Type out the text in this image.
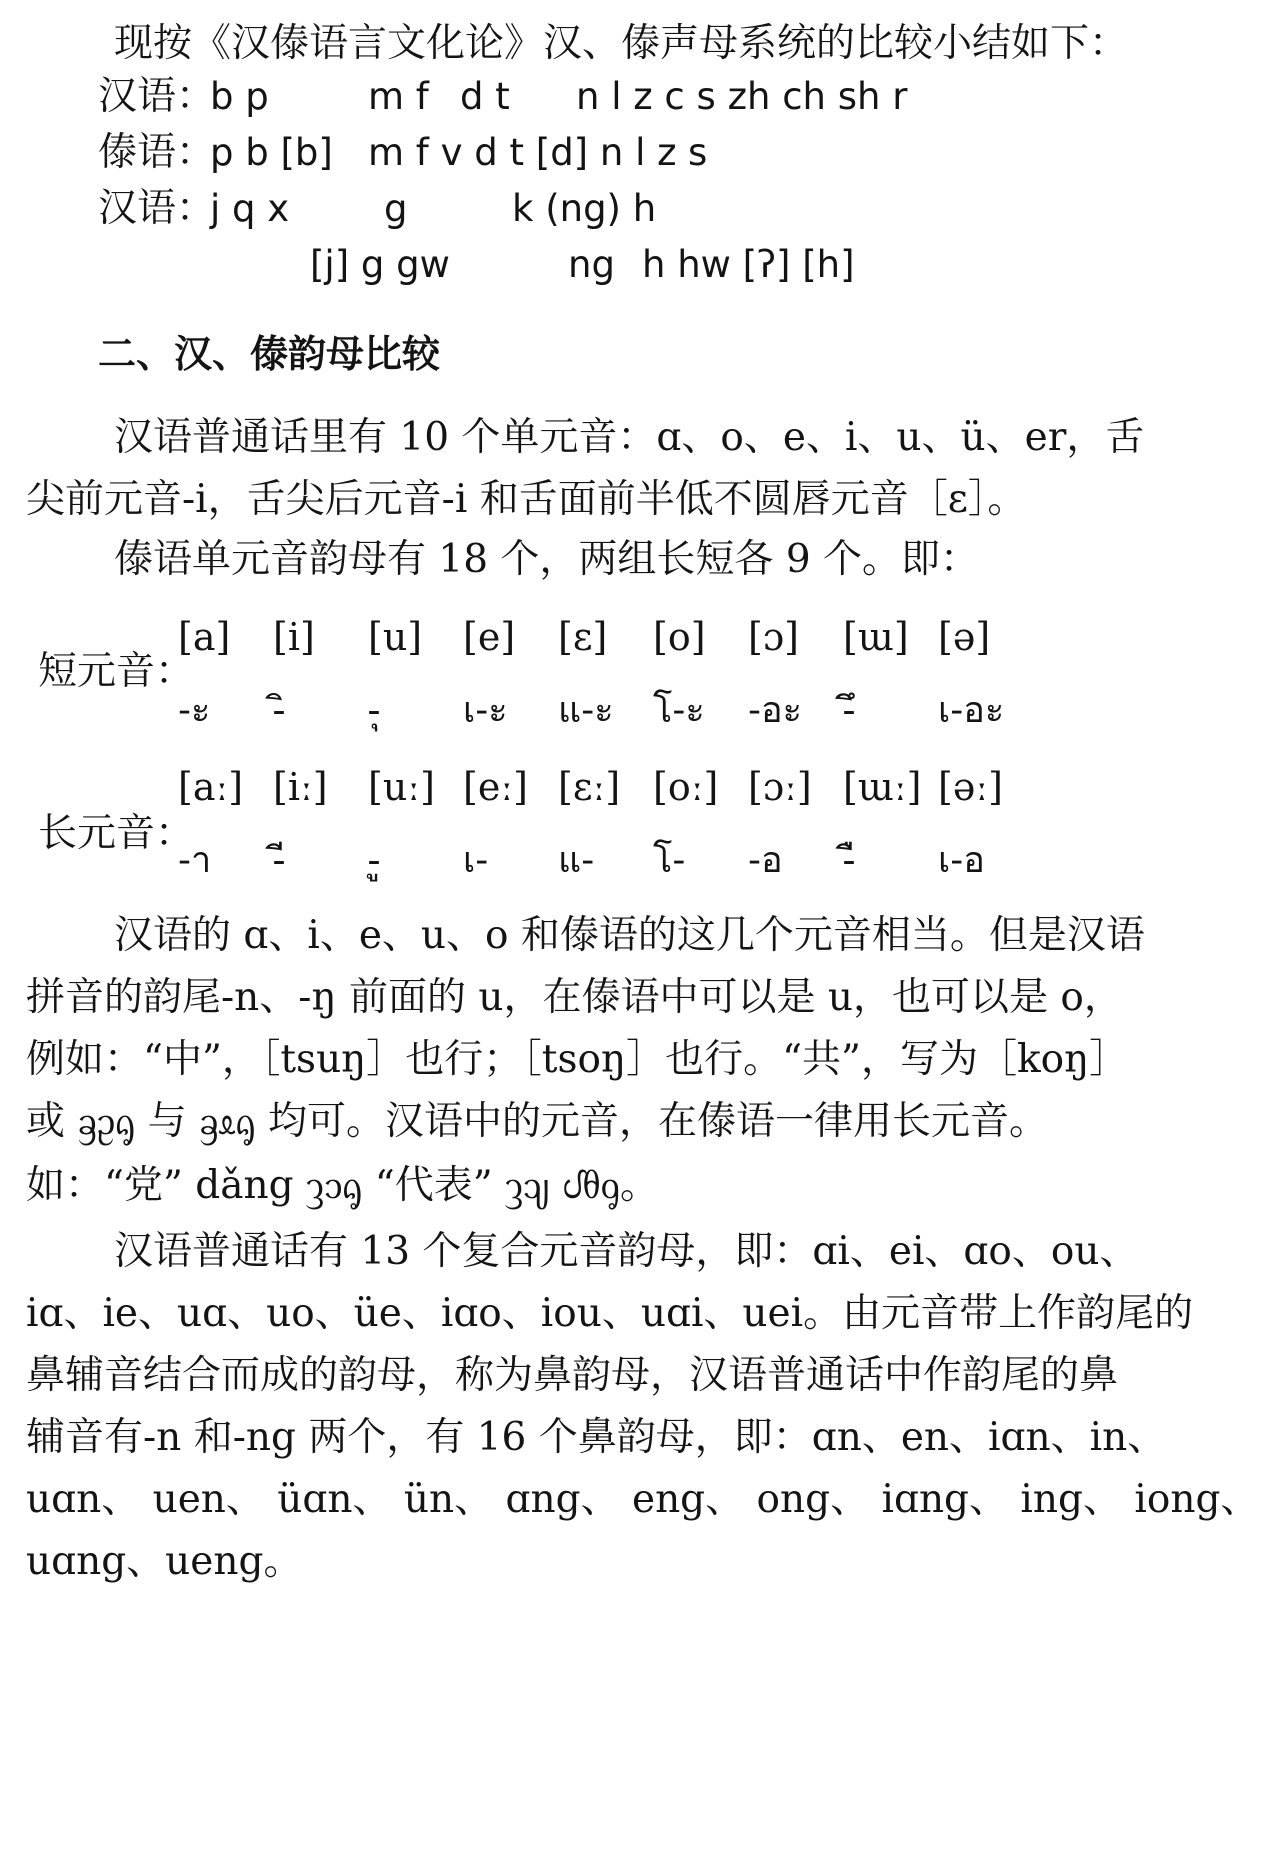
现按《汉傣语言文化论》汉、傣声母系统的比较小结如下：
汉语：
b p	m f d t n l z c s zh ch sh r
傣语：
p b [b] m f v d t [d] n l z s
汉语：
j q x	g	k (ng) h
[j] g gw	ng h hw [ʔ] [h]
二、汉、傣韵母比较
汉语普通话里有 10 个单元音：ɑ、o、e、i、u、ü、er，舌
尖前元音-i，舌尖后元音-i 和舌面前半低不圆唇元音［ɛ］。
傣语单元音韵母有 18 个，两组长短各 9 个。即：
短元音：
[a] [i] [u] [e] [ɛ] [o] [ɔ] [ɯ] [ə]
-ะ -ิ -ุ เ-ะ แ-ะ โ-ะ -อะ -ึ เ-อะ
长元音：
[aː] [iː] [uː] [eː] [ɛː] [oː] [ɔː] [ɯː] [əː]
-า -ี -ู เ- แ- โ- -อ -ื เ-อ
汉语的 ɑ、i、e、u、o 和傣语的这几个元音相当。但是汉语
拼音的韵尾-n、-ŋ 前面的 u，在傣语中可以是 u，也可以是 o，
例如：“中”，［tsuŋ］也行；［tsoŋ］也行。“共”，写为［koŋ］
或 ᦃᦳᧂ 与 ᦃᦸᧂ 均可。汉语中的元音，在傣语一律用长元音。
如：“党” dǎng ᦡᦱᧂ “代表” ᦡᦻ ᦔᦲᧁ。
汉语普通话有 13 个复合元音韵母，即：ɑi、ei、ɑo、ou、
iɑ、ie、uɑ、uo、üe、iɑo、iou、uɑi、uei。由元音带上作韵尾的
鼻辅音结合而成的韵母，称为鼻韵母，汉语普通话中作韵尾的鼻
辅音有-n 和-ng 两个，有 16 个鼻韵母，即：ɑn、en、iɑn、in、
uɑn、 uen、 üɑn、 ün、 ɑng、 eng、 ong、 iɑng、 ing、 iong、
uɑng、ueng。
